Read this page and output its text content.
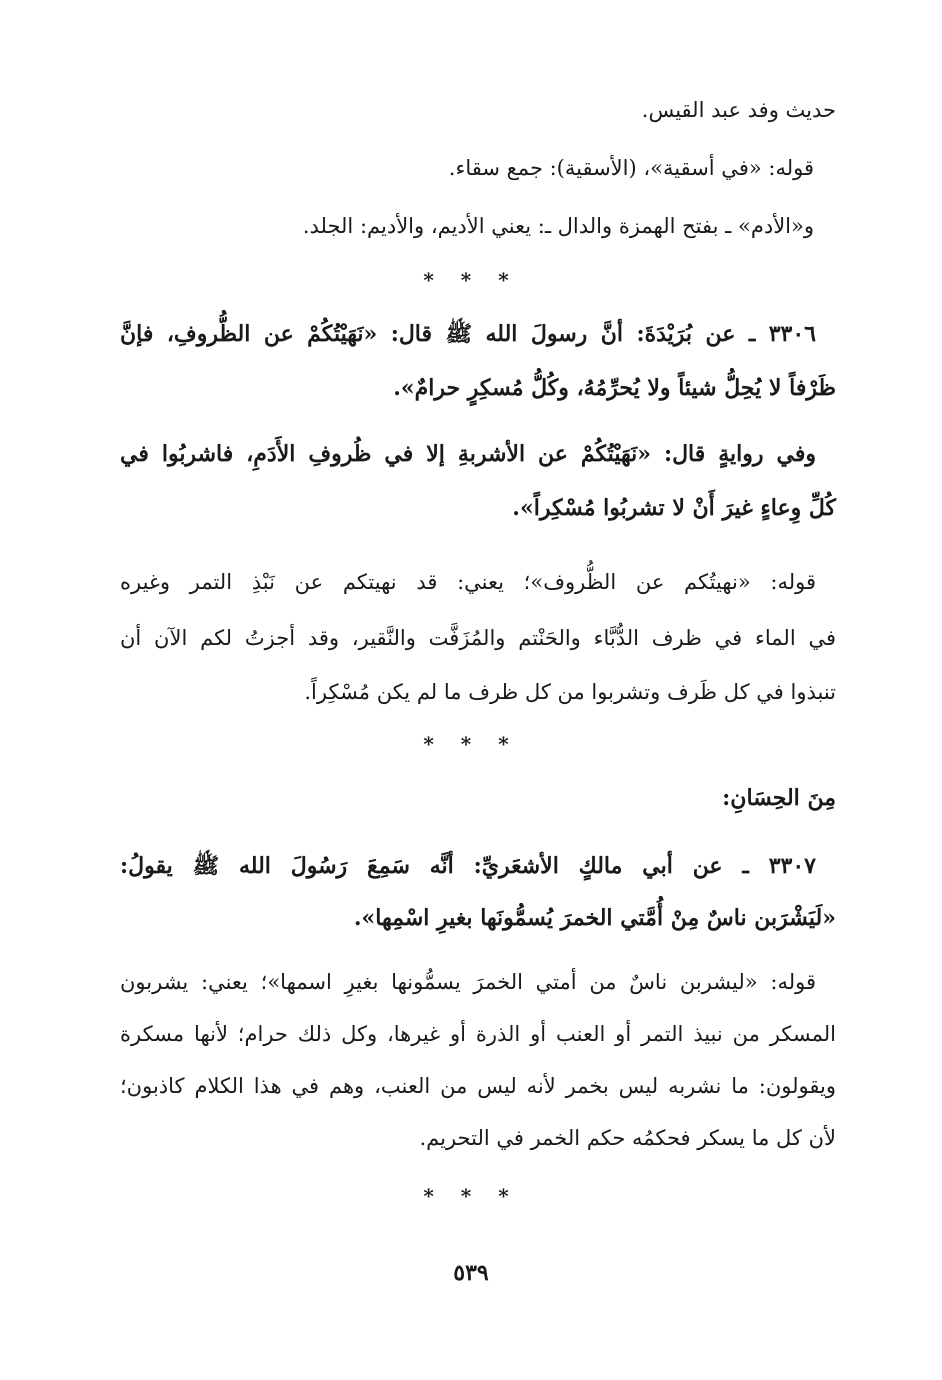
حديث وفد عبد القيس.
قوله: «في أسقية»، (الأسقية): جمع سقاء.
و«الأدم» ـ بفتح الهمزة والدال ـ: يعني الأديم، والأديم: الجلد.
* * *
٣٣٠٦ ـ عن بُرَيْدَةَ: أنَّ رسولَ الله ﷺ قال: «نَهَيْتُكُمْ عن الظُّروفِ، فإنَّ
ظَرْفاً لا يُحِلُّ شيئاً ولا يُحرِّمُهُ، وكُلُّ مُسكِرٍ حرامٌ».
وفي روايةٍ قال: «نَهَيْتُكُمْ عن الأشربةِ إلا في ظُروفِ الأَدَمِ، فاشربُوا في
كُلِّ وِعاءٍ غيرَ أَنْ لا تشربُوا مُسْكِراً».
قوله: «نهيتُكم عن الظُّروف»؛ يعني: قد نهيتكم عن نَبْذِ التمر وغيره
في الماء في ظرف الدُّبَّاء والحَنْتم والمُزَفَّت والنَّقير، وقد أجزتُ لكم الآن أن
تنبذوا في كل ظَرف وتشربوا من كل ظرف ما لم يكن مُسْكِراً.
* * *
مِنَ الحِسَانِ:
٣٣٠٧ ـ عن أبي مالكٍ الأشعَريِّ: أنَّه سَمِعَ رَسُولَ الله ﷺ يقولُ:
«لَيَشْرَبن ناسٌ مِنْ أُمَّتي الخمرَ يُسمُّونَها بغيرِ اسْمِها».
قوله: «ليشربن ناسٌ من أمتي الخمرَ يسمُّونها بغيرِ اسمها»؛ يعني: يشربون
المسكر من نبيذ التمر أو العنب أو الذرة أو غيرها، وكل ذلك حرام؛ لأنها مسكرة
ويقولون: ما نشربه ليس بخمر لأنه ليس من العنب، وهم في هذا الكلام كاذبون؛
لأن كل ما يسكر فحكمُه حكم الخمر في التحريم.
* * *
٥٣٩
